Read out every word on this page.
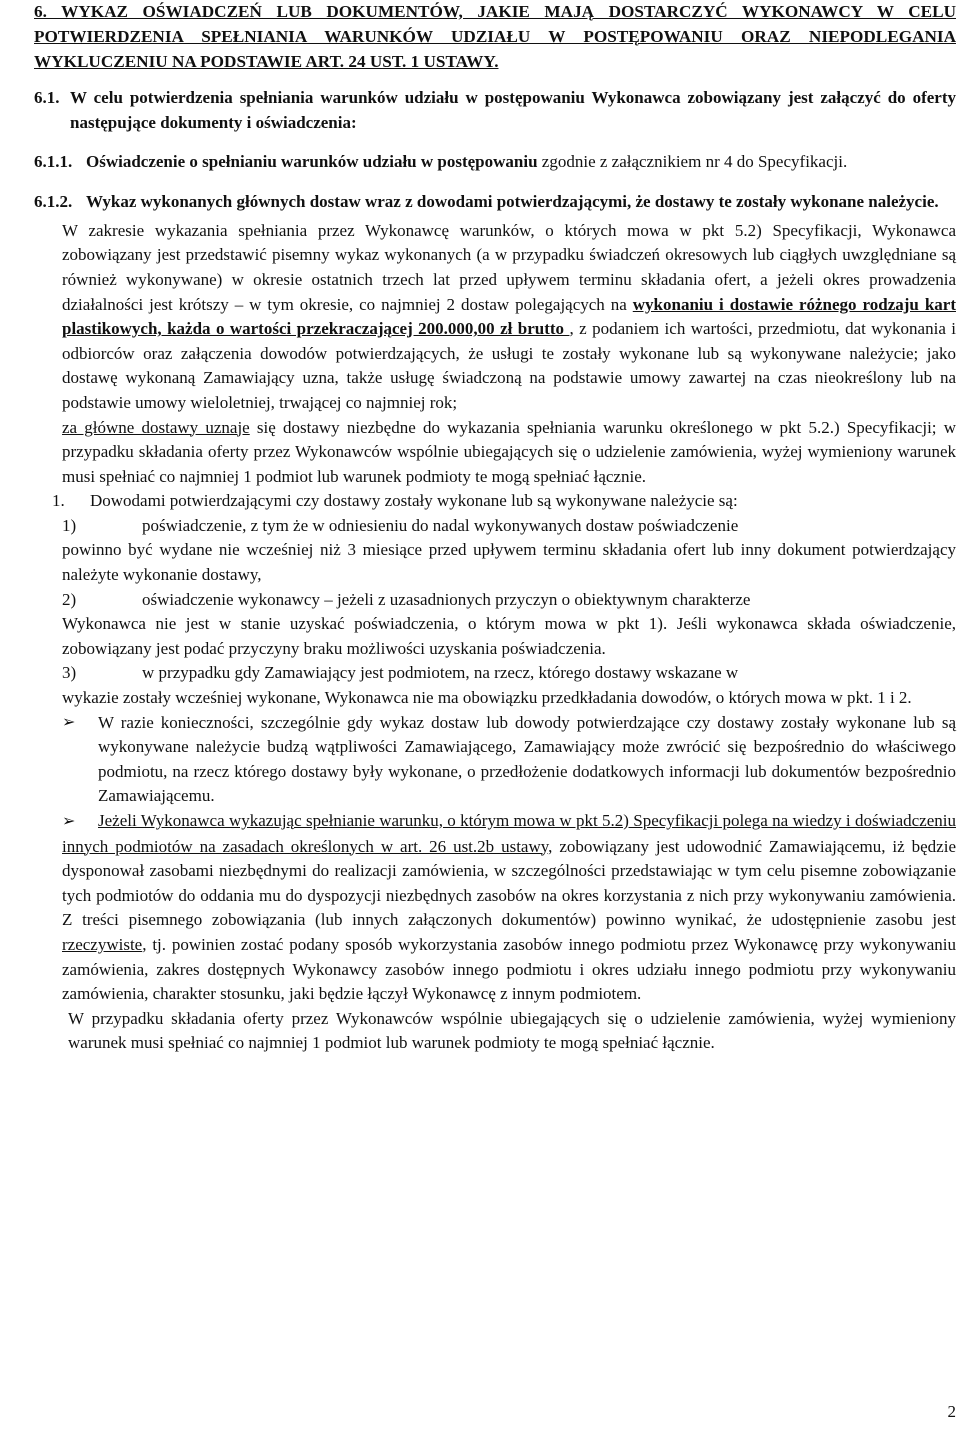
6. WYKAZ OŚWIADCZEŃ LUB DOKUMENTÓW, JAKIE MAJĄ DOSTARCZYĆ WYKONAWCY W CELU POTWIERDZENIA SPEŁNIANIA WARUNKÓW UDZIAŁU W POSTĘPOWANIU ORAZ NIEPODLEGANIA WYKLUCZENIU NA PODSTAWIE ART. 24 UST. 1 USTAWY.

6.1. W celu potwierdzenia spełniania warunków udziału w postępowaniu Wykonawca zobowiązany jest załączyć do oferty następujące dokumenty i oświadczenia:
6.1.1. Oświadczenie o spełnianiu warunków udziału w postępowaniu zgodnie z załącznikiem nr 4 do Specyfikacji.
6.1.2. Wykaz wykonanych głównych dostaw wraz z dowodami potwierdzającymi, że dostawy te zostały wykonane należycie.
W zakresie wykazania spełniania przez Wykonawcę warunków, o których mowa w pkt 5.2) Specyfikacji, Wykonawca zobowiązany jest przedstawić pisemny wykaz wykonanych (a w przypadku świadczeń okresowych lub ciągłych uwzględniane są również wykonywane) w okresie ostatnich trzech lat przed upływem terminu składania ofert, a jeżeli okres prowadzenia działalności jest krótszy – w tym okresie, co najmniej 2 dostaw polegających na wykonaniu i dostawie różnego rodzaju kart plastikowych, każda o wartości przekraczającej 200.000,00 zł brutto , z podaniem ich wartości, przedmiotu, dat wykonania i odbiorców oraz załączenia dowodów potwierdzających, że usługi te zostały wykonane lub są wykonywane należycie; jako dostawę wykonaną Zamawiający uzna, także usługę świadczoną na podstawie umowy zawartej na czas nieokreślony lub na podstawie umowy wieloletniej, trwającej co najmniej rok;
za główne dostawy uznaje się dostawy niezbędne do wykazania spełniania warunku określonego w pkt 5.2.) Specyfikacji; w przypadku składania oferty przez Wykonawców wspólnie ubiegających się o udzielenie zamówienia, wyżej wymieniony warunek musi spełniać co najmniej 1 podmiot lub warunek podmioty te mogą spełniać łącznie.
1.	Dowodami potwierdzającymi czy dostawy zostały wykonane lub są wykonywane należycie są:
1)	poświadczenie, z tym że w odniesieniu do nadal wykonywanych dostaw poświadczenie
powinno być wydane nie wcześniej niż 3 miesiące przed upływem terminu składania ofert lub inny dokument potwierdzający należyte wykonanie dostawy,
2)	oświadczenie wykonawcy – jeżeli z uzasadnionych przyczyn o obiektywnym charakterze
Wykonawca nie jest w stanie uzyskać poświadczenia, o którym mowa w pkt 1). Jeśli wykonawca składa oświadczenie, zobowiązany jest podać przyczyny braku możliwości uzyskania poświadczenia.
3)	w przypadku gdy Zamawiający jest podmiotem, na rzecz, którego dostawy wskazane w
wykazie zostały wcześniej wykonane, Wykonawca nie ma obowiązku przedkładania dowodów, o których mowa w pkt. 1 i 2.
➢	W razie konieczności, szczególnie gdy wykaz dostaw lub dowody potwierdzające czy dostawy zostały wykonane lub są wykonywane należycie budzą wątpliwości Zamawiającego, Zamawiający może zwrócić się bezpośrednio do właściwego podmiotu, na rzecz którego dostawy były wykonane, o przedłożenie dodatkowych informacji lub dokumentów bezpośrednio Zamawiającemu.
➢ Jeżeli Wykonawca wykazując spełnianie warunku, o którym mowa w pkt 5.2) Specyfikacji polega na wiedzy i doświadczeniu innych podmiotów na zasadach określonych w art. 26 ust.2b ustawy, zobowiązany jest udowodnić Zamawiającemu, iż będzie dysponował zasobami niezbędnymi do realizacji zamówienia, w szczególności przedstawiając w tym celu pisemne zobowiązanie tych podmiotów do oddania mu do dyspozycji niezbędnych zasobów na okres korzystania z nich przy wykonywaniu zamówienia. Z treści pisemnego zobowiązania (lub innych załączonych dokumentów) powinno wynikać, że udostępnienie zasobu jest rzeczywiste, tj. powinien zostać podany sposób wykorzystania zasobów innego podmiotu przez Wykonawcę przy wykonywaniu zamówienia, zakres dostępnych Wykonawcy zasobów innego podmiotu i okres udziału innego podmiotu przy wykonywaniu zamówienia, charakter stosunku, jaki będzie łączył Wykonawcę z innym podmiotem.
W przypadku składania oferty przez Wykonawców wspólnie ubiegających się o udzielenie zamówienia, wyżej wymieniony warunek musi spełniać co najmniej 1 podmiot lub warunek podmioty te mogą spełniać łącznie.
2
